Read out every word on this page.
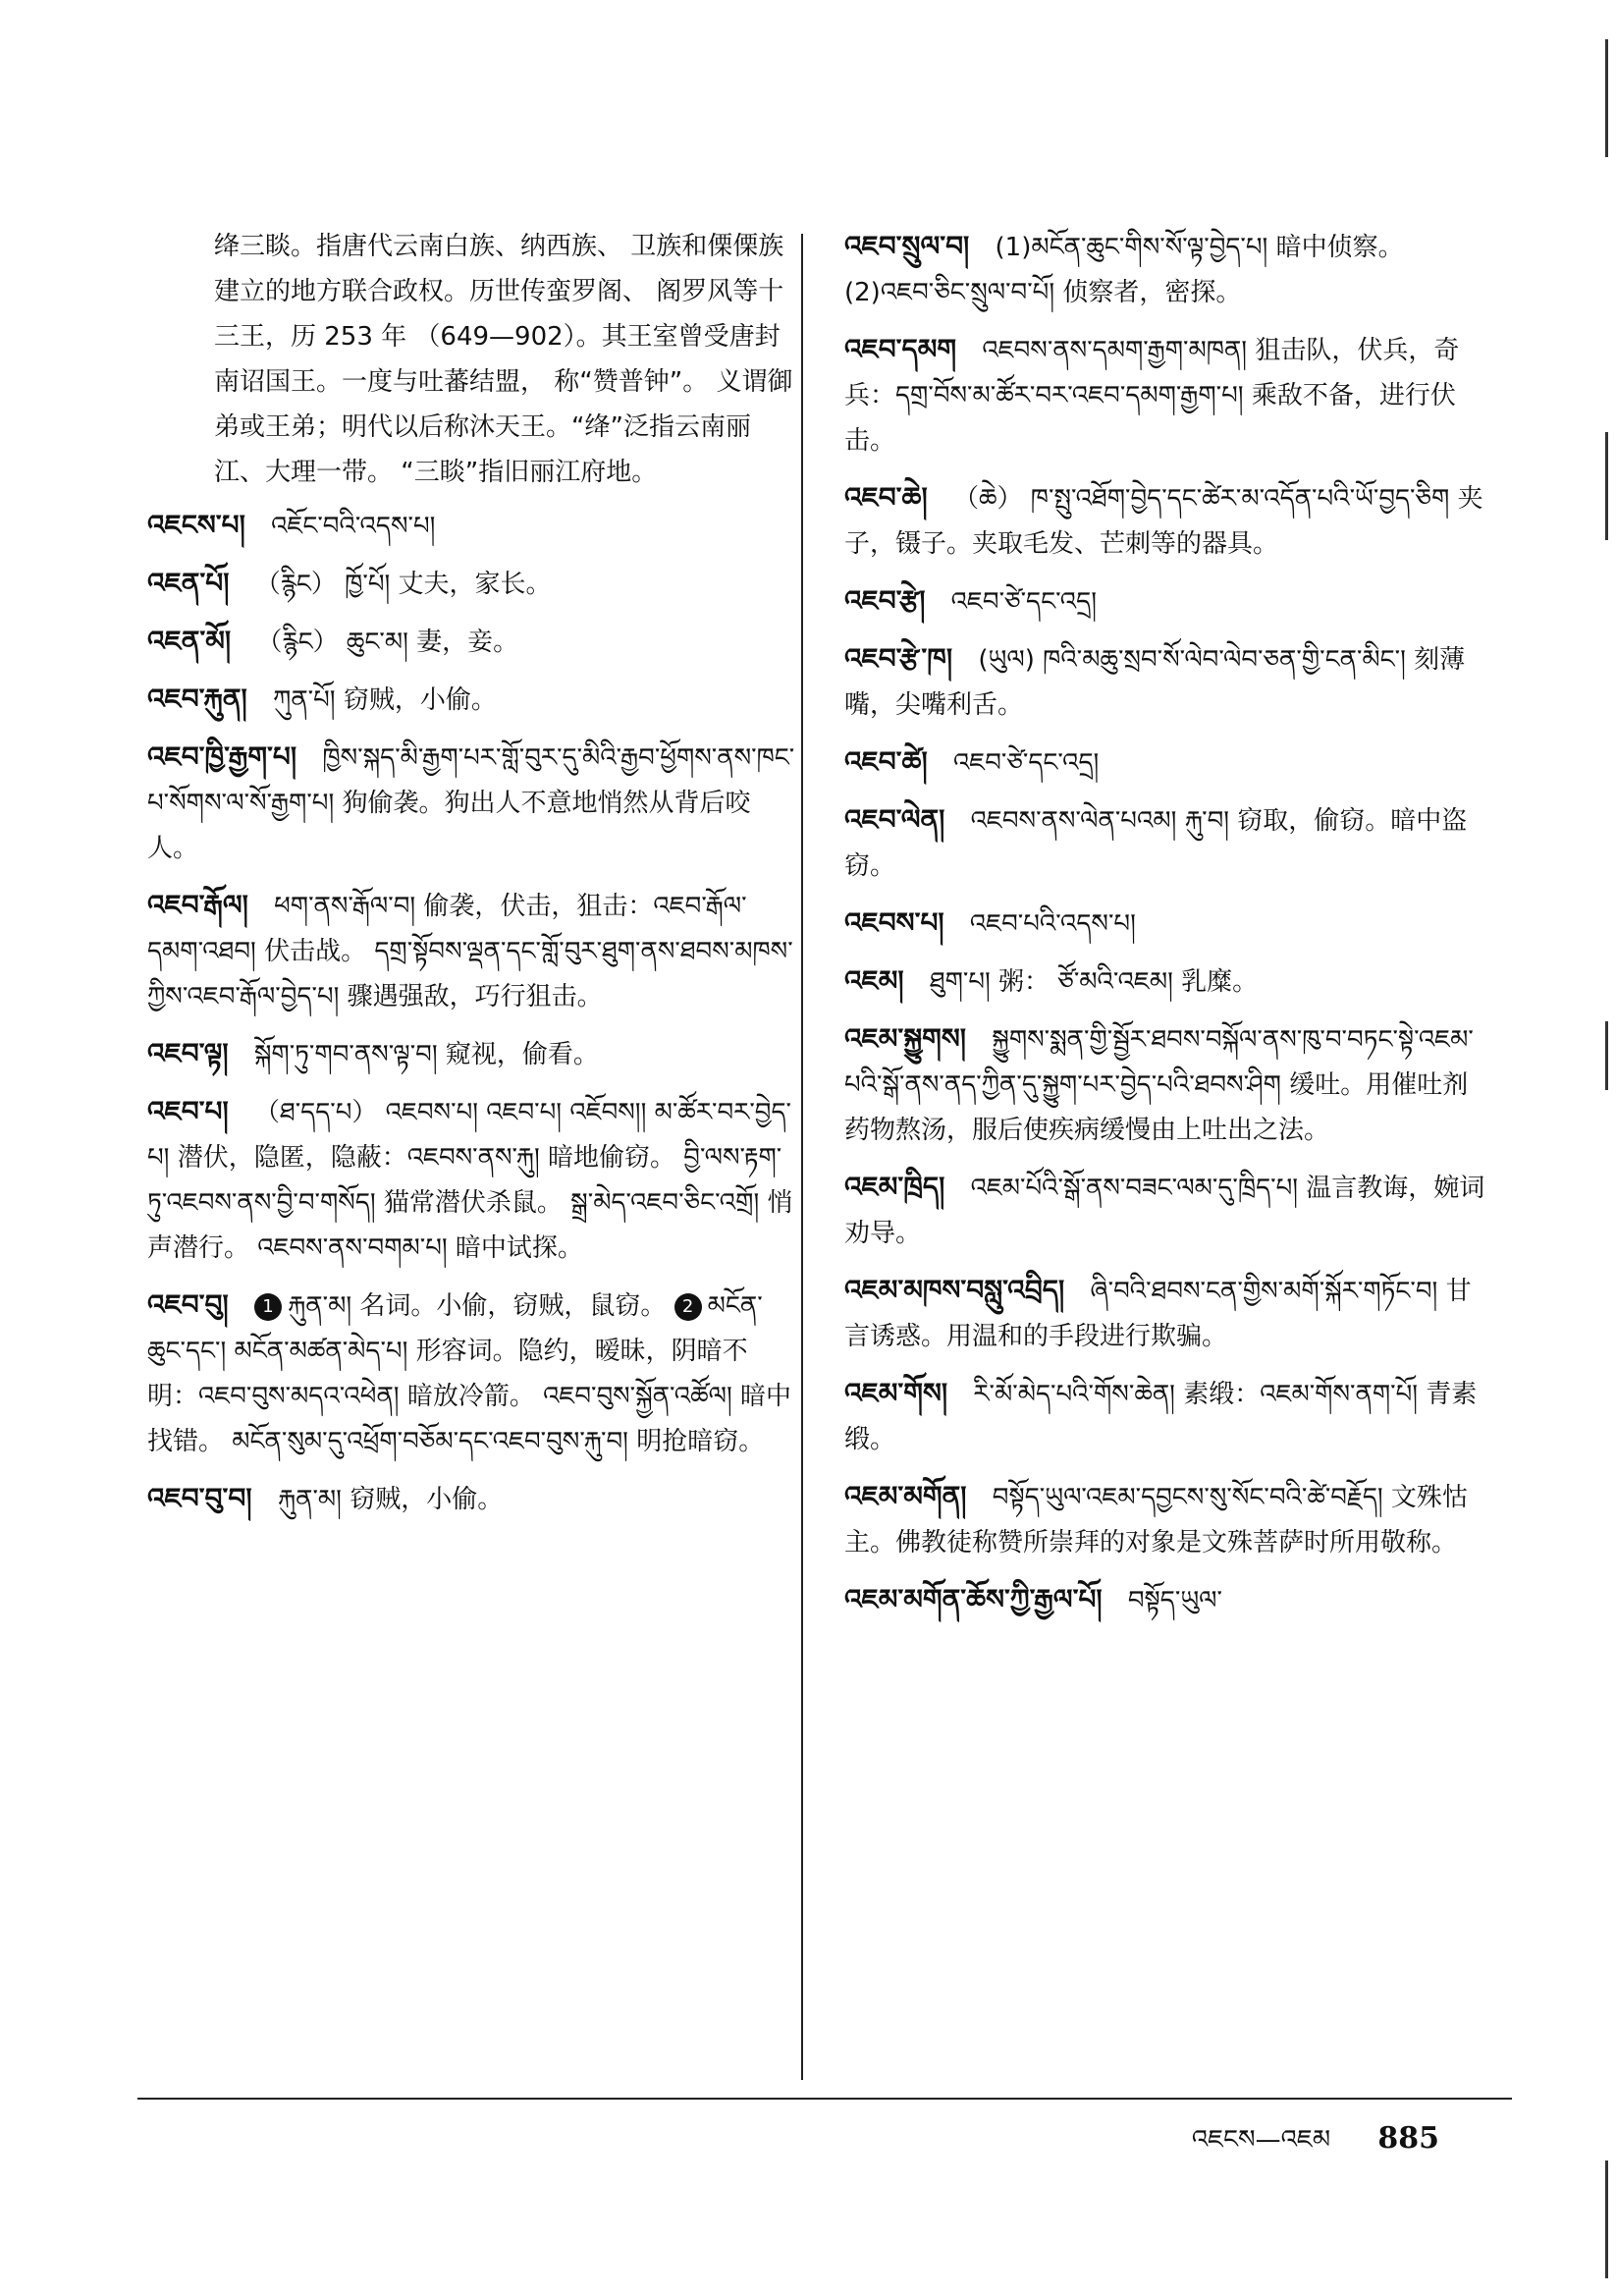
绛三睒。指唐代云南白族、纳西族、 卫族和傈傈族建立的地方联合政权。历世传蛮罗阁、 阁罗风等十三王，历 253 年 （649—902）。其王室曾受唐封南诏国王。一度与吐蕃结盟， 称“赞普钟”。 义谓御弟或王弟；明代以后称沐天王。“绛”泛指云南丽江、大理一带。 “三睒”指旧丽江府地。
འཇངས་པ། འཇོང་བའི་འདས་པ།
འཇན་པོ། （རྙིང） ཁྱོ་པོ། 丈夫，家长。
འཇན་མོ། （རྙིང） ཆུང་མ། 妻，妾。
འཇབ་རྐུན། ཀུན་པོ། 窃贼，小偷。
འཇབ་ཁྱི་རྒྱག་པ། ཁྱིས་སྐད་མི་རྒྱག་པར་གློ་བུར་དུ་མིའི་རྒྱབ་ཕྱོགས་ནས་ཁང་པ་སོགས་ལ་སོ་རྒྱག་པ། 狗偷袭。狗出人不意地悄然从背后咬人。
འཇབ་རྒོལ། ཕག་ནས་རྒོལ་བ། 偷袭，伏击，狙击：འཇབ་རྒོལ་དམག་འཐབ། 伏击战。 དགྲ་སྟོབས་ལྡན་དང་གློ་བུར་ཐུག་ནས་ཐབས་མཁས་ཀྱིས་འཇབ་རྒོལ་བྱེད་པ། 骤遇强敌，巧行狙击。
འཇབ་ལྟ། སྐོག་ཏུ་གབ་ནས་ལྟ་བ། 窥视，偷看。
འཇབ་པ། （ཐ་དད་པ） འཇབས་པ། འཇབ་པ། འཇོབས།། མ་ཚོར་བར་བྱེད་པ། 潜伏，隐匿，隐蔽：འཇབས་ནས་རྐུ། 暗地偷窃。 བྱི་ལས་རྟག་ཏུ་འཇབས་ནས་བྱི་བ་གསོད། 猫常潜伏杀鼠。 སྒྲ་མེད་འཇབ་ཅིང་འགྲོ། 悄声潜行。 འཇབས་ནས་བགམ་པ། 暗中试探。
འཇབ་བུ། 1 རྐུན་མ། 名词。小偷，窃贼，鼠窃。 2 མངོན་ཆུང་དང་། མངོན་མཚན་མེད་པ། 形容词。隐约，暧昧，阴暗不明：འཇབ་བུས་མདའ་འཕེན། 暗放冷箭。 འཇབ་བུས་སྐྱོན་འཚོལ། 暗中找错。 མངོན་སུམ་དུ་འཕྲོག་བཅོམ་དང་འཇབ་བུས་རྐུ་བ། 明抢暗窃。
འཇབ་བུ་བ། རྐུན་མ། 窃贼，小偷。
འཇབ་སྲུལ་བ། (1)མངོན་ཆུང་གིས་སོ་ལྟ་བྱེད་པ། 暗中侦察。(2)འཇབ་ཅིང་སྲུལ་བ་པོ། 侦察者，密探。
འཇབ་དམག འཇབས་ནས་དམག་རྒྱག་མཁན། 狙击队，伏兵，奇兵：དགྲ་བོས་མ་ཚོར་བར་འཇབ་དམག་རྒྱག་པ། 乘敌不备，进行伏击。
འཇབ་ཆེ། （ཆེ） ཁ་སྤུ་འཐོག་བྱེད་དང་ཚེར་མ་འདོན་པའི་ཡོ་བྱད་ཅིག 夹子，镊子。夹取毛发、芒刺等的器具。
འཇབ་རྩེ། འཇབ་ཙེ་དང་འདྲ།
འཇབ་རྩེ་ཁ། (ཡུལ) ཁའི་མཆུ་སྲབ་སོ་ལེབ་ལེབ་ཅན་གྱི་ངན་མིང་། 刻薄嘴，尖嘴利舌。
འཇབ་ཚེ། འཇབ་ཙེ་དང་འདྲ།
འཇབ་ལེན། འཇབས་ནས་ལེན་པའམ། རྐུ་བ། 窃取，偷窃。暗中盗窃。
འཇབས་པ། འཇབ་པའི་འདས་པ།
འཇམ། ཐུག་པ། 粥： ཙོ་མའི་འཇམ། 乳糜。
འཇམ་སྐྱུགས། སྐྱུགས་སྨན་གྱི་སྦྱོར་ཐབས་བསྐོལ་ནས་ཁུ་བ་བཏང་སྟེ་འཇམ་པའི་སྒོ་ནས་ནད་ཀྱིན་དུ་སྐྱུག་པར་བྱེད་པའི་ཐབས་ཤིག 缓吐。用催吐剂药物熬汤，服后使疾病缓慢由上吐出之法。
འཇམ་ཁྲིད། འཇམ་པོའི་སྒོ་ནས་བཟང་ལམ་དུ་ཁྲིད་པ། 温言教诲，婉词劝导。
འཇམ་མཁས་བསླུ་འབྲིད། ཞི་བའི་ཐབས་ངན་གྱིས་མགོ་སྐོར་གཏོང་བ། 甘言诱惑。用温和的手段进行欺骗。
འཇམ་གོས། རི་མོ་མེད་པའི་གོས་ཆེན། 素缎：འཇམ་གོས་ནག་པོ། 青素缎。
འཇམ་མགོན། བསྟོད་ཡུལ་འཇམ་དབྱངས་སུ་སོང་བའི་ཚེ་བརྗོད། 文殊怙主。佛教徒称赞所崇拜的对象是文殊菩萨时所用敬称。
འཇམ་མགོན་ཆོས་ཀྱི་རྒྱལ་པོ། བསྟོད་ཡུལ་
འཇངས—འཇམ 885
